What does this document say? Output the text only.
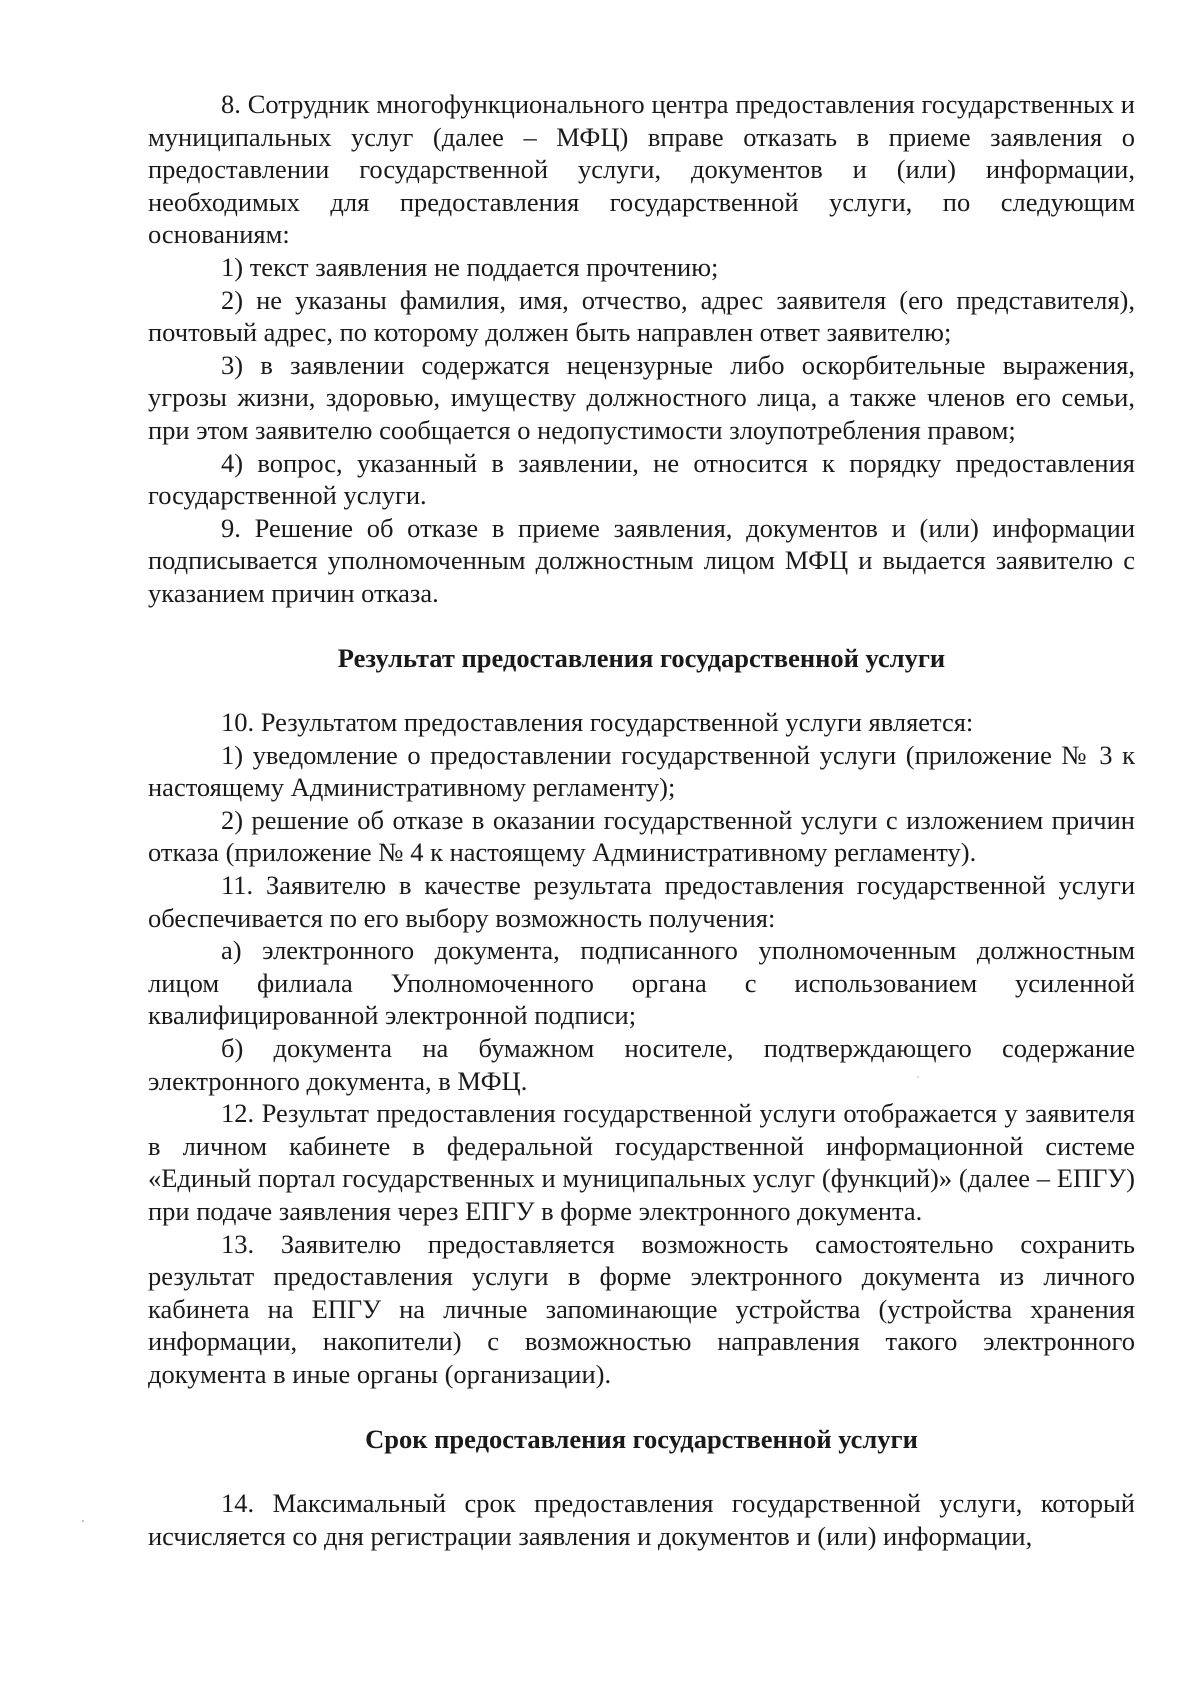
8. Сотрудник многофункционального центра предоставления государственных и муниципальных услуг (далее – МФЦ) вправе отказать в приеме заявления о предоставлении государственной услуги, документов и (или) информации, необходимых для предоставления государственной услуги, по следующим основаниям:

1) текст заявления не поддается прочтению;

2) не указаны фамилия, имя, отчество, адрес заявителя (его представителя), почтовый адрес, по которому должен быть направлен ответ заявителю;

3) в заявлении содержатся нецензурные либо оскорбительные выражения, угрозы жизни, здоровью, имуществу должностного лица, а также членов его семьи, при этом заявителю сообщается о недопустимости злоупотребления правом;

4) вопрос, указанный в заявлении, не относится к порядку предоставления государственной услуги.

9. Решение об отказе в приеме заявления, документов и (или) информации подписывается уполномоченным должностным лицом МФЦ и выдается заявителю с указанием причин отказа.

Результат предоставления государственной услуги

10. Результатом предоставления государственной услуги является:

1) уведомление о предоставлении государственной услуги (приложение № 3 к настоящему Административному регламенту);

2) решение об отказе в оказании государственной услуги с изложением причин отказа (приложение № 4 к настоящему Административному регламенту).

11. Заявителю в качестве результата предоставления государственной услуги обеспечивается по его выбору возможность получения:

а) электронного документа, подписанного уполномоченным должностным лицом филиала Уполномоченного органа с использованием усиленной квалифицированной электронной подписи;

б) документа на бумажном носителе, подтверждающего содержание электронного документа, в МФЦ.

12. Результат предоставления государственной услуги отображается у заявителя в личном кабинете в федеральной государственной информационной системе «Единый портал государственных и муниципальных услуг (функций)» (далее – ЕПГУ) при подаче заявления через ЕПГУ в форме электронного документа.

13. Заявителю предоставляется возможность самостоятельно сохранить результат предоставления услуги в форме электронного документа из личного кабинета на ЕПГУ на личные запоминающие устройства (устройства хранения информации, накопители) с возможностью направления такого электронного документа в иные органы (организации).

Срок предоставления государственной услуги

14. Максимальный срок предоставления государственной услуги, который исчисляется со дня регистрации заявления и документов и (или) информации,
